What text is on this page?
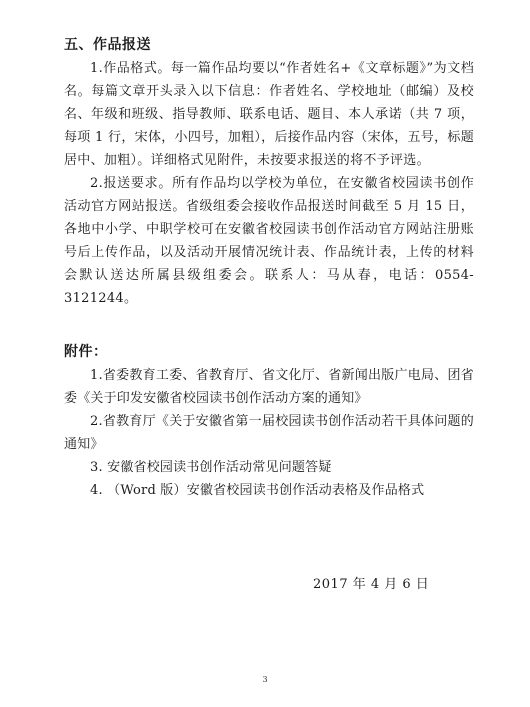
五、作品报送

1.作品格式。每一篇作品均要以“作者姓名+《文章标题》”为文档名。每篇文章开头录入以下信息：作者姓名、学校地址（邮编）及校名、年级和班级、指导教师、联系电话、题目、本人承诺（共 7 项，每项 1 行，宋体，小四号，加粗），后接作品内容（宋体，五号，标题居中、加粗）。详细格式见附件，未按要求报送的将不予评选。

2.报送要求。所有作品均以学校为单位，在安徽省校园读书创作活动官方网站报送。省级组委会接收作品报送时间截至 5 月 15 日，各地中小学、中职学校可在安徽省校园读书创作活动官方网站注册账号后上传作品，以及活动开展情况统计表、作品统计表，上传的材料会默认送达所属县级组委会。联系人：马从春，电话：0554-3121244。

附件：

1.省委教育工委、省教育厅、省文化厅、省新闻出版广电局、团省委《关于印发安徽省校园读书创作活动方案的通知》

2.省教育厅《关于安徽省第一届校园读书创作活动若干具体问题的通知》

3. 安徽省校园读书创作活动常见问题答疑

4. （Word 版）安徽省校园读书创作活动表格及作品格式

2017 年 4 月 6 日
3
